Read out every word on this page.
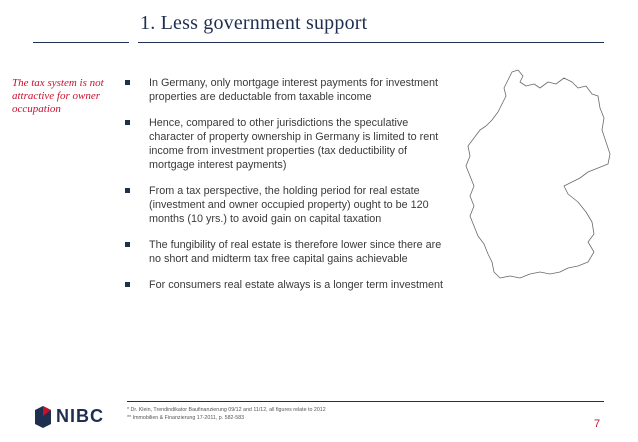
1. Less government support
The tax system is not attractive for owner occupation
In Germany, only mortgage interest payments for investment properties are deductable from taxable income
Hence, compared to other jurisdictions the speculative character of property ownership in Germany is limited to rent income from investment properties (tax deductibility of mortgage interest payments)
From a tax perspective, the holding period for real estate (investment and owner occupied property) ought to be 120 months (10 yrs.) to avoid gain on capital taxation
The fungibility of real estate is therefore lower since there are no short and midterm tax free capital gains achievable
For consumers real estate always is a longer term investment
NIBC	* Dr. Klein, Trendindikator Baufinanzierung 09/12 and 11/12, all figures relate to 2012
** Immobilien & Finanzierung 17-2011, p. 582-583	7
